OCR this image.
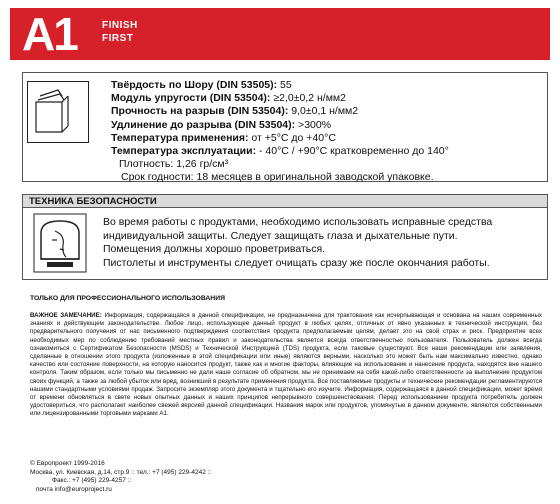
A1	FINISH
FIRST
Твёрдость по Шору (DIN 53505): 55
Модуль упругости (DIN 53504): ≥2,0±0,2 н/мм2
Прочность на разрыв (DIN 53504): 9,0±0,1 н/мм2
Удлинение до разрыва (DIN 53504): >300%
Температура применения: от +5°C до +40°C
Температура эксплуатации: - 40°C / +90°C кратковременно до 140°
Плотность: 1,26 гр/см³
Срок годности: 18 месяцев в оригинальной заводской упаковке.
ТЕХНИКА БЕЗОПАСНОСТИ
Во время работы с продуктами, необходимо использовать исправные средства индивидуальной защиты. Следует защищать глаза и дыхательные пути.
Помещения должны хорошо проветриваться.
Пистолеты и инструменты следует очищать сразу же после окончания работы.
ТОЛЬКО ДЛЯ ПРОФЕССИОНАЛЬНОГО ИСПОЛЬЗОВАНИЯ
ВАЖНОЕ ЗАМЕЧАНИЕ: Информация, содержащаяся в данной спецификации, не предназначена для трактования как исчерпывающая и основана на наших современных знаниях и действующем законодательстве. Любое лицо, использующее данный продукт в любых целях, отличных от явно указанных в технической инструкции, без предварительного получения от нас письменного подтверждения соответствия продукта предполагаемым целям, делает это на свой страх и риск. Предприятие всех необходимых мер по соблюдению требований местных правил и законодательства является всегда ответственностью пользователя. Пользователь должен всегда ознакомиться с Сертификатом Безопасности (MSDS) и Технической Инструкцией (TDS) продукта, если таковые существуют. Все наши рекомендации или заявления, сделанные в отношении этого продукта (изложенные в этой спецификации или иные) являются верными, насколько это может быть нам максимально известно, однако качество или состояние поверхности, на которую наносится продукт, также как и многие факторы, влияющие на использование и нанесение продукта, находятся вне нашего контроля. Таким образом, если только мы письменно не дали наше согласие об обратном, мы не принимаем на себя какой-либо ответственности за выполнение продуктом своих функций, а также за любой убыток или вред, возникший в результате применения продукта. Все поставляемые продукты и технические рекомендации регламентируются нашими стандартными условиями продаж. Запросите экземпляр этого документа и тщательно его изучите. Информация, содержащаяся в данной спецификации, может время от времени обновляться в свете новых опытных данных и наших принципов непрерывного совершенствования. Перед использованием продукта потребитель должен удостовериться, что располагает наиболее свежей версией данной спецификации. Названия марок или продуктов, упомянутые в данном документе, являются собственными или лицензированными торговыми марками A1.
© Европроект 1999-2016
Москва, ул. Киевская, д.14, стр.9 :: тел.: +7 (495) 229-4242 ::
Факс.: +7 (495) 229-4257 ::
почта info@europroject.ru
